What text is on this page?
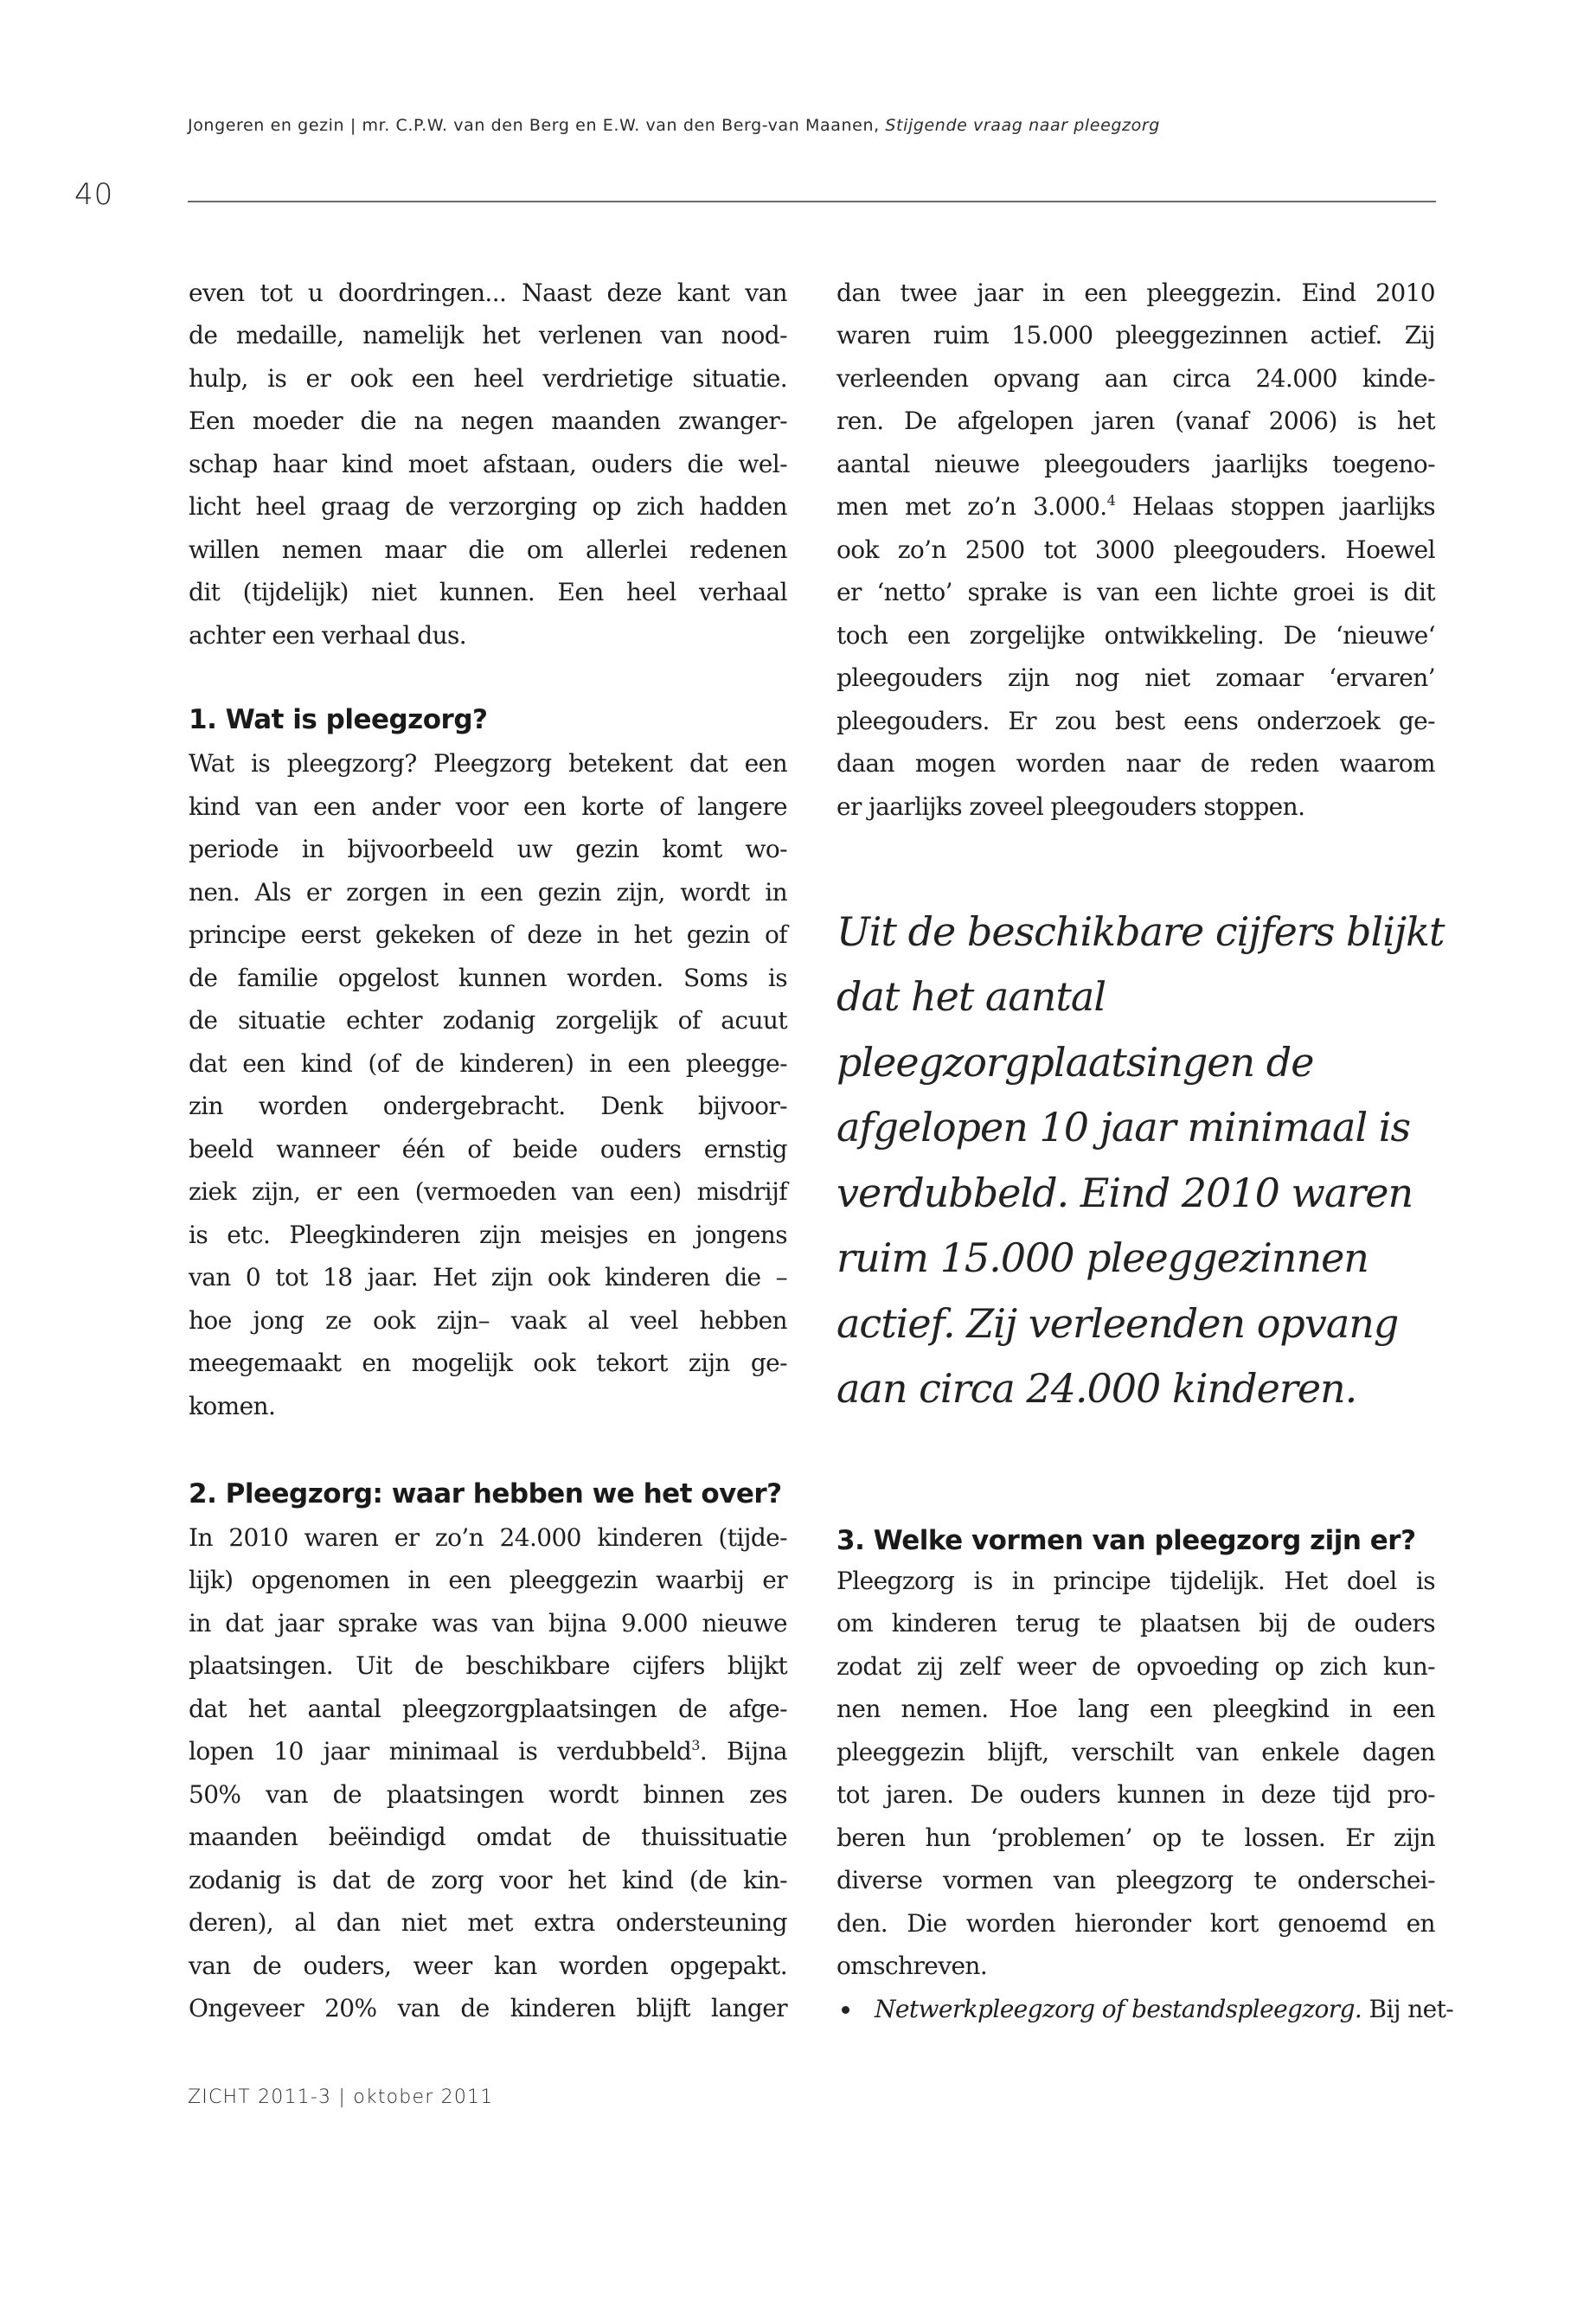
Jongeren en gezin | mr. C.P.W. van den Berg en E.W. van den Berg-van Maanen, Stijgende vraag naar pleegzorg
40
even tot u doordringen... Naast deze kant van
de medaille, namelijk het verlenen van nood-
hulp, is er ook een heel verdrietige situatie.
Een moeder die na negen maanden zwanger-
schap haar kind moet afstaan, ouders die wel-
licht heel graag de verzorging op zich hadden
willen nemen maar die om allerlei redenen
dit (tijdelijk) niet kunnen. Een heel verhaal
achter een verhaal dus.
1. Wat is pleegzorg?
Wat is pleegzorg? Pleegzorg betekent dat een
kind van een ander voor een korte of langere
periode in bijvoorbeeld uw gezin komt wo-
nen. Als er zorgen in een gezin zijn, wordt in
principe eerst gekeken of deze in het gezin of
de familie opgelost kunnen worden. Soms is
de situatie echter zodanig zorgelijk of acuut
dat een kind (of de kinderen) in een pleegge-
zin worden ondergebracht. Denk bijvoor-
beeld wanneer één of beide ouders ernstig
ziek zijn, er een (vermoeden van een) misdrijf
is etc. Pleegkinderen zijn meisjes en jongens
van 0 tot 18 jaar. Het zijn ook kinderen die –
hoe jong ze ook zijn– vaak al veel hebben
meegemaakt en mogelijk ook tekort zijn ge-
komen.
2. Pleegzorg: waar hebben we het over?
In 2010 waren er zo’n 24.000 kinderen (tijde-
lijk) opgenomen in een pleeggezin waarbij er
in dat jaar sprake was van bijna 9.000 nieuwe
plaatsingen. Uit de beschikbare cijfers blijkt
dat het aantal pleegzorgplaatsingen de afge-
lopen 10 jaar minimaal is verdubbeld$^3$. Bijna
50% van de plaatsingen wordt binnen zes
maanden beëindigd omdat de thuissituatie
zodanig is dat de zorg voor het kind (de kin-
deren), al dan niet met extra ondersteuning
van de ouders, weer kan worden opgepakt.
Ongeveer 20% van de kinderen blijft langer
dan twee jaar in een pleeggezin. Eind 2010
waren ruim 15.000 pleeggezinnen actief. Zij
verleenden opvang aan circa 24.000 kinde-
ren. De afgelopen jaren (vanaf 2006) is het
aantal nieuwe pleegouders jaarlijks toegeno-
men met zo’n 3.000.$^4$ Helaas stoppen jaarlijks
ook zo’n 2500 tot 3000 pleegouders. Hoewel
er ‘netto’ sprake is van een lichte groei is dit
toch een zorgelijke ontwikkeling. De ‘nieuwe‘
pleegouders zijn nog niet zomaar ‘ervaren’
pleegouders. Er zou best eens onderzoek ge-
daan mogen worden naar de reden waarom
er jaarlijks zoveel pleegouders stoppen.
Uit de beschikbare cijfers blijkt
dat het aantal
pleegzorgplaatsingen de
afgelopen 10 jaar minimaal is
verdubbeld. Eind 2010 waren
ruim 15.000 pleeggezinnen
actief. Zij verleenden opvang
aan circa 24.000 kinderen.
3. Welke vormen van pleegzorg zijn er?
Pleegzorg is in principe tijdelijk. Het doel is
om kinderen terug te plaatsen bij de ouders
zodat zij zelf weer de opvoeding op zich kun-
nen nemen. Hoe lang een pleegkind in een
pleeggezin blijft, verschilt van enkele dagen
tot jaren. De ouders kunnen in deze tijd pro-
beren hun ‘problemen’ op te lossen. Er zijn
diverse vormen van pleegzorg te onderschei-
den. Die worden hieronder kort genoemd en
omschreven.
Netwerkpleegzorg of bestandspleegzorg. Bij net-
ZICHT 2011-3 | oktober 2011
